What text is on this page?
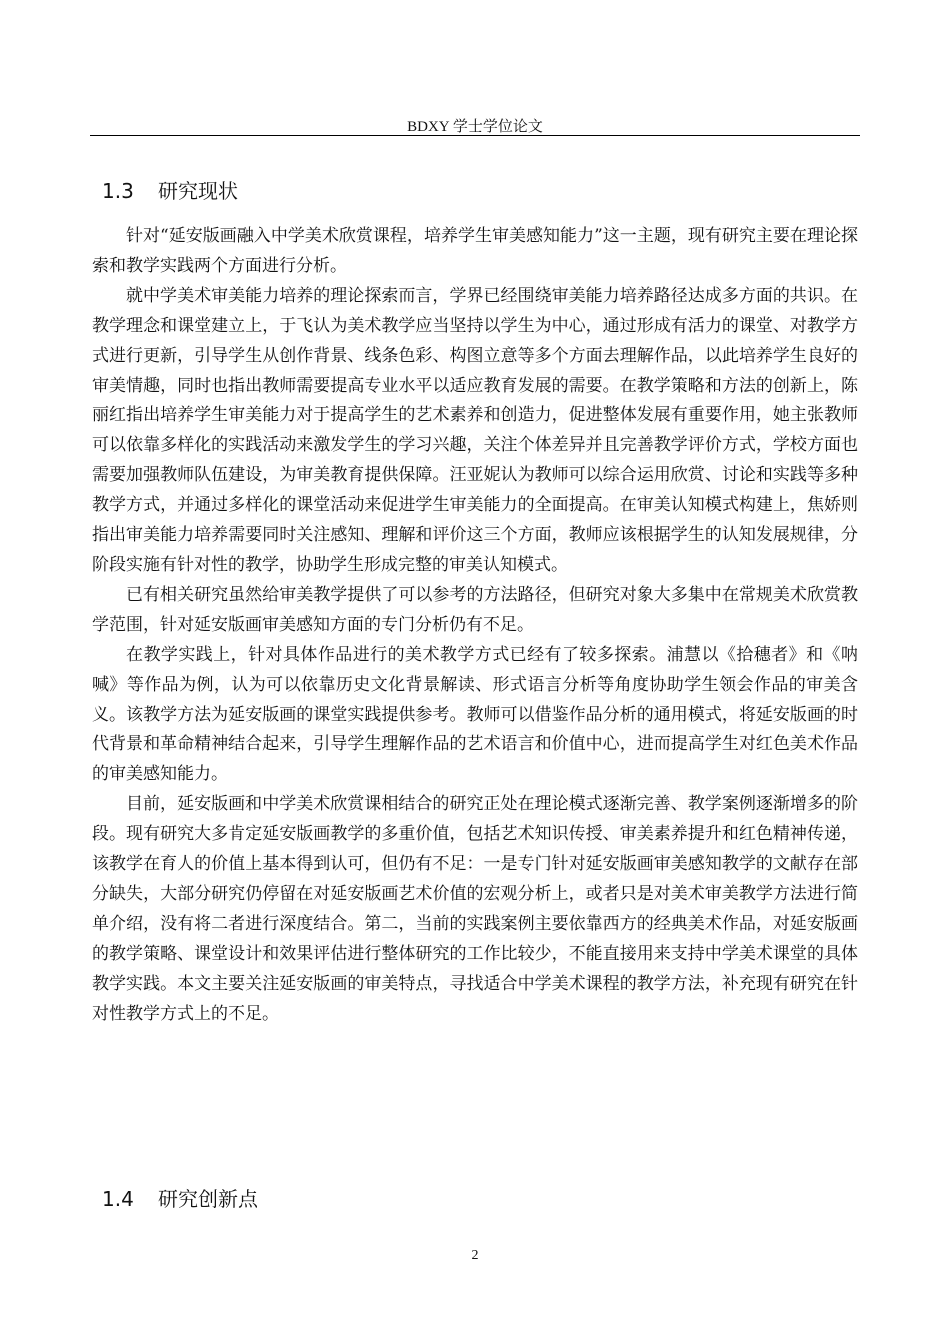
BDXY 学士学位论文
1.3 研究现状

针对“延安版画融入中学美术欣赏课程，培养学生审美感知能力”这一主题，现有研究主要在理论探索和教学实践两个方面进行分析。

就中学美术审美能力培养的理论探索而言，学界已经围绕审美能力培养路径达成多方面的共识。在教学理念和课堂建立上，于飞认为美术教学应当坚持以学生为中心，通过形成有活力的课堂、对教学方式进行更新，引导学生从创作背景、线条色彩、构图立意等多个方面去理解作品，以此培养学生良好的审美情趣，同时也指出教师需要提高专业水平以适应教育发展的需要。在教学策略和方法的创新上，陈丽红指出培养学生审美能力对于提高学生的艺术素养和创造力，促进整体发展有重要作用，她主张教师可以依靠多样化的实践活动来激发学生的学习兴趣，关注个体差异并且完善教学评价方式，学校方面也需要加强教师队伍建设，为审美教育提供保障。汪亚妮认为教师可以综合运用欣赏、讨论和实践等多种教学方式，并通过多样化的课堂活动来促进学生审美能力的全面提高。在审美认知模式构建上，焦娇则指出审美能力培养需要同时关注感知、理解和评价这三个方面，教师应该根据学生的认知发展规律，分阶段实施有针对性的教学，协助学生形成完整的审美认知模式。

已有相关研究虽然给审美教学提供了可以参考的方法路径，但研究对象大多集中在常规美术欣赏教学范围，针对延安版画审美感知方面的专门分析仍有不足。

在教学实践上，针对具体作品进行的美术教学方式已经有了较多探索。浦慧以《拾穗者》和《呐喊》等作品为例，认为可以依靠历史文化背景解读、形式语言分析等角度协助学生领会作品的审美含义。该教学方法为延安版画的课堂实践提供参考。教师可以借鉴作品分析的通用模式，将延安版画的时代背景和革命精神结合起来，引导学生理解作品的艺术语言和价值中心，进而提高学生对红色美术作品的审美感知能力。

目前，延安版画和中学美术欣赏课相结合的研究正处在理论模式逐渐完善、教学案例逐渐增多的阶段。现有研究大多肯定延安版画教学的多重价值，包括艺术知识传授、审美素养提升和红色精神传递，该教学在育人的价值上基本得到认可，但仍有不足：一是专门针对延安版画审美感知教学的文献存在部分缺失，大部分研究仍停留在对延安版画艺术价值的宏观分析上，或者只是对美术审美教学方法进行简单介绍，没有将二者进行深度结合。第二，当前的实践案例主要依靠西方的经典美术作品，对延安版画的教学策略、课堂设计和效果评估进行整体研究的工作比较少，不能直接用来支持中学美术课堂的具体教学实践。本文主要关注延安版画的审美特点，寻找适合中学美术课程的教学方法，补充现有研究在针对性教学方式上的不足。

1.4 研究创新点
2
